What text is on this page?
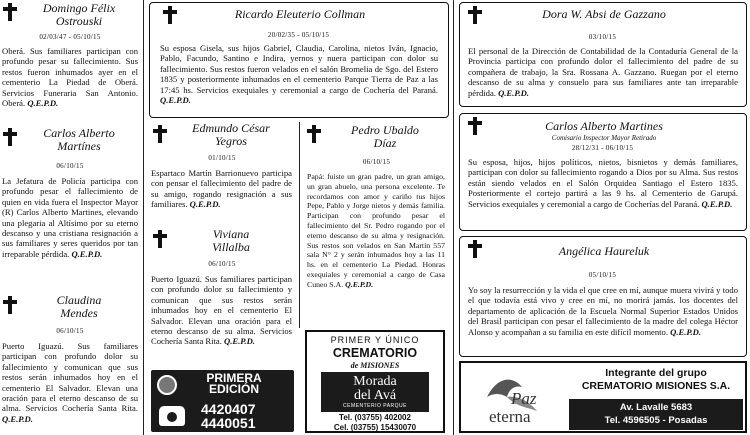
Domingo Félix
Ostrouski
02/03/47 - 05/10/15
Oberá. Sus familiares participan con profundo pesar su fallecimiento. Sus restos fueron inhumados ayer en el cementerio La Piedad de Oberá. Servicios Funeraria San Antonio. Oberá. Q.E.P.D.
Carlos Alberto
Martínes
06/10/15
La Jefatura de Policía participa con profundo pesar el fallecimiento de quien en vida fuera el Inspector Mayor (R) Carlos Alberto Martines, elevando una plegaria al Altísimo por su eterno descanso y una cristiana resignación a sus familiares y seres queridos por tan irreparable pérdida. Q.E.P.D.
Claudina
Mendes
06/10/15
Puerto Iguazú. Sus familiares participan con profundo dolor su fallecimiento y comunican que sus restos serán inhumados hoy en el cementerio El Salvador. Elevan una oración para el eterno descanso de su alma. Servicios Cochería Santa Rita. Q.E.P.D.
Ricardo Eleuterio Collman
20/02/35 - 05/10/15
Su esposa Gisela, sus hijos Gabriel, Claudia, Carolina, nietos Iván, Ignacio, Pablo, Facundo, Santino e Indira, yernos y nuera participan con dolor su fallecimiento. Sus restos fueron velados en el salón Bromelia de Sgo. del Estero 1835 y posteriormente inhumados en el cementerio Parque Tierra de Paz a las 17:45 hs. Servicios exequiales y ceremonial a cargo de Cochería del Paraná. Q.E.P.D.
Edmundo César
Yegros
01/10/15
Espartaco Martín Barrionuevo participa con pensar el fallecimiento del padre de su amigo, rogando resignación a sus familiares. Q.E.P.D.
Viviana
Villalba
06/10/15
Puerto Iguazú. Sus familiares participan con profundo dolor su fallecimiento y comunican que sus restos serán inhumados hoy en el cementerio El Salvador. Elevan una oración para el eterno descanso de su alma. Servicios Cochería Santa Rita. Q.E.P.D.
Pedro Ubaldo
Díaz
06/10/15
Papá: fuiste un gran padre, un gran amigo, un gran abuelo, una persona excelente. Te recordamos con amor y cariño tus hijos Pepe, Pablo y Jorge nietos y demás familia. Participan con profundo pesar el fallecimiento del Sr. Pedro rogando por el eterno descanso de su alma y resignación. Sus restos son velados en San Martín 557 sala N° 2 y serán inhumados hoy a las 11 hs. en el cementerio La Piedad. Honras exequiales y ceremonial a cargo de Casa Cuneo S.A. Q.E.P.D.
PRIMERA
EDICIÓN
4420407
4440051
PRIMER Y ÚNICO
CREMATORIO
de MISIONES
Morada
del Avá
CEMENTERIO PARQUE
Tel. (03755) 402002
Cel. (03755) 15430070
Dora W. Absi de Gazzano
03/10/15
El personal de la Dirección de Contabilidad de la Contaduría General de la Provincia participa con profundo dolor el fallecimiento del padre de su compañera de trabajo, la Sra. Rossana A. Gazzano. Ruegan por el eterno descanso de su alma y consuelo para sus familiares ante tan irreparable pérdida. Q.E.P.D.
Carlos Alberto Martines
Comisario Inspector Mayor Retirado
28/12/31 - 06/10/15
Su esposa, hijos, hijos políticos, nietos, bisnietos y demás familiares, participan con dolor su fallecimiento rogando a Dios por su Alma. Sus restos están siendo velados en el Salón Orquidea Santiago el Estero 1835. Posteriormente el cortejo partirá a las 9 hs. al Cementerio de Garupá. Servicios exequiales y ceremonial a cargo de Cocherías del Paraná. Q.E.P.D.
Angélica Haureluk
05/10/15
Yo soy la resurrección y la vida el que cree en mí, aunque muera vivirá y todo el que todavía está vivo y cree en mí, no morirá jamás. los docentes del departamento de aplicación de la Escuela Normal Superior Estados Unidos del Brasil participan con pesar el fallecimiento de la madre del colega Héctor Alonso y acompañan a su familia en este difícil momento. Q.E.P.D.
Paz
eterna
Integrante del grupo
CREMATORIO MISIONES S.A.
Av. Lavalle 5683
Tel. 4596505 - Posadas
